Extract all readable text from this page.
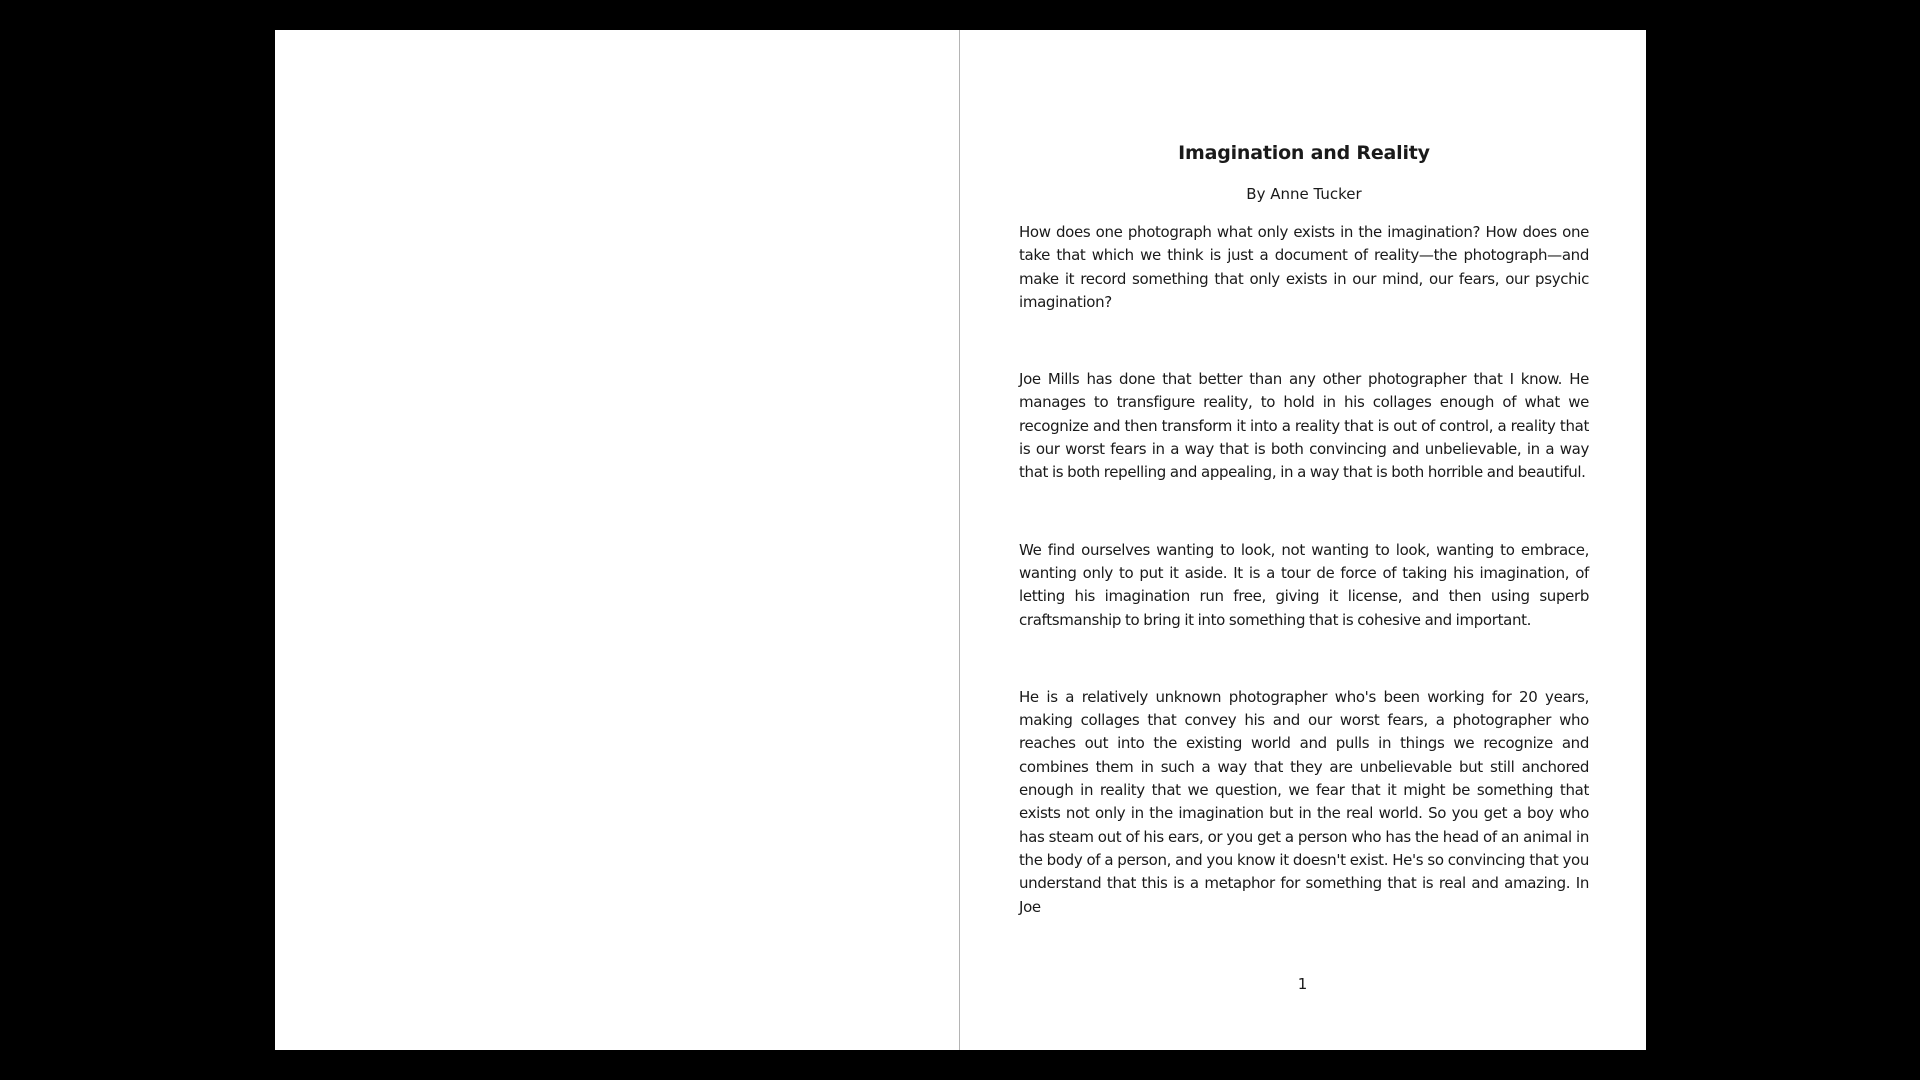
Imagination and Reality

By Anne Tucker

How does one photograph what only exists in the imagination? How does one take that which we think is just a document of reality—the photograph—and make it record something that only exists in our mind, our fears, our psychic imagination?

Joe Mills has done that better than any other photographer that I know. He manages to transfigure reality, to hold in his collages enough of what we recognize and then transform it into a reality that is out of control, a reality that is our worst fears in a way that is both convincing and unbelievable, in a way that is both repelling and appealing, in a way that is both horrible and beautiful.

We find ourselves wanting to look, not wanting to look, wanting to embrace, wanting only to put it aside. It is a tour de force of taking his imagination, of letting his imagination run free, giving it license, and then using superb craftsmanship to bring it into something that is cohesive and important.

He is a relatively unknown photographer who's been working for 20 years, making collages that convey his and our worst fears, a photographer who reaches out into the existing world and pulls in things we recognize and combines them in such a way that they are unbelievable but still anchored enough in reality that we question, we fear that it might be something that exists not only in the imagination but in the real world. So you get a boy who has steam out of his ears, or you get a person who has the head of an animal in the body of a person, and you know it doesn't exist. He's so convincing that you understand that this is a metaphor for something that is real and amazing. In Joe

1
